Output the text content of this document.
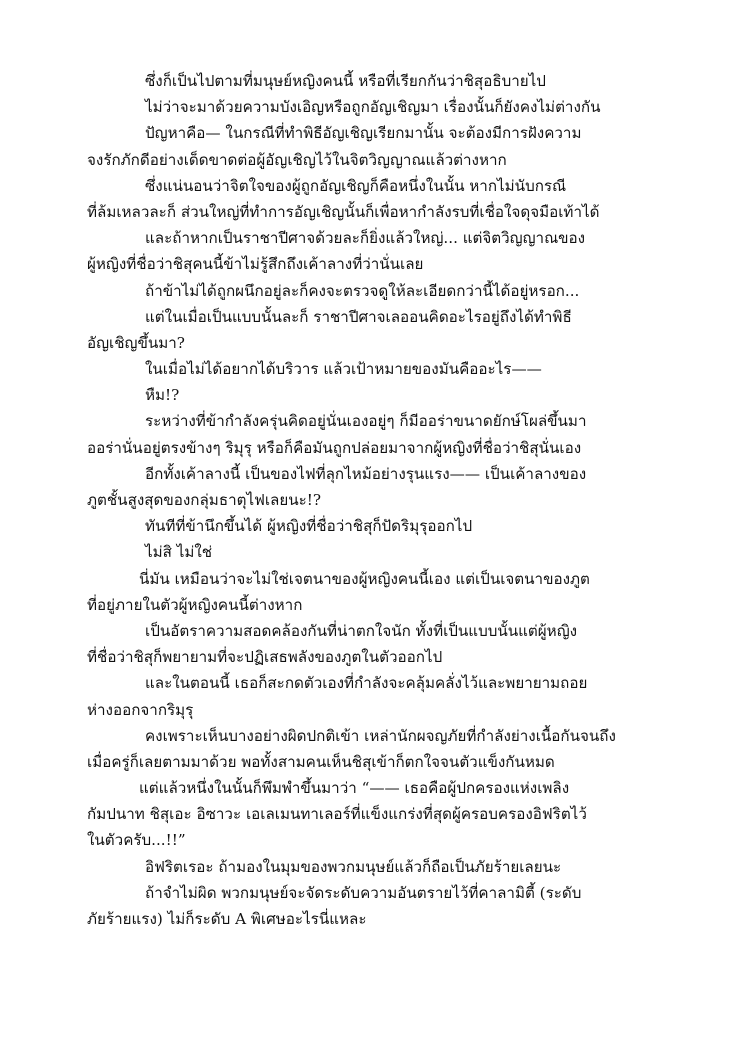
ซึ่งก็เป็นไปตามที่มนุษย์หญิงคนนี้ หรือที่เรียกกันว่าชิสุอธิบายไป
ไม่ว่าจะมาด้วยความบังเอิญหรือถูกอัญเชิญมา เรื่องนั้นก็ยังคงไม่ต่างกัน
ปัญหาคือ— ในกรณีที่ทำพิธีอัญเชิญเรียกมานั้น จะต้องมีการฝังความ
จงรักภักดีอย่างเด็ดขาดต่อผู้อัญเชิญไว้ในจิตวิญญาณแล้วต่างหาก
ซึ่งแน่นอนว่าจิตใจของผู้ถูกอัญเชิญก็คือหนึ่งในนั้น หากไม่นับกรณี
ที่ล้มเหลวละก็ ส่วนใหญ่ที่ทำการอัญเชิญนั้นก็เพื่อหากำลังรบที่เชื่อใจดุจมือเท้าได้
และถ้าหากเป็นราชาปีศาจด้วยละก็ยิ่งแล้วใหญ่... แต่จิตวิญญาณของ
ผู้หญิงที่ชื่อว่าชิสุคนนี้ข้าไม่รู้สึกถึงเค้าลางที่ว่านั่นเลย
ถ้าข้าไม่ได้ถูกผนึกอยู่ละก็คงจะตรวจดูให้ละเอียดกว่านี้ได้อยู่หรอก...
แต่ในเมื่อเป็นแบบนั้นละก็ ราชาปีศาจเลออนคิดอะไรอยู่ถึงได้ทำพิธี
อัญเชิญขึ้นมา?
ในเมื่อไม่ได้อยากได้บริวาร แล้วเป้าหมายของมันคืออะไร——
หืม!?
ระหว่างที่ข้ากำลังครุ่นคิดอยู่นั่นเองอยู่ๆ ก็มีออร่าขนาดยักษ์โผล่ขึ้นมา
ออร่านั่นอยู่ตรงข้างๆ ริมุรุ หรือก็คือมันถูกปล่อยมาจากผู้หญิงที่ชื่อว่าชิสุนั่นเอง
อีกทั้งเค้าลางนี้ เป็นของไฟที่ลุกไหม้อย่างรุนแรง—— เป็นเค้าลางของ
ภูตชั้นสูงสุดของกลุ่มธาตุไฟเลยนะ!?
ทันทีที่ข้านึกขึ้นได้ ผู้หญิงที่ชื่อว่าชิสุก็ปัดริมุรุออกไป
ไม่สิ ไม่ใช่
นี่มัน เหมือนว่าจะไม่ใช่เจตนาของผู้หญิงคนนี้เอง แต่เป็นเจตนาของภูต
ที่อยู่ภายในตัวผู้หญิงคนนี้ต่างหาก
เป็นอัตราความสอดคล้องกันที่น่าตกใจนัก ทั้งที่เป็นแบบนั้นแต่ผู้หญิง
ที่ชื่อว่าชิสุก็พยายามที่จะปฏิเสธพลังของภูตในตัวออกไป
และในตอนนี้ เธอก็สะกดตัวเองที่กำลังจะคลุ้มคลั่งไว้และพยายามถอย
ห่างออกจากริมุรุ
คงเพราะเห็นบางอย่างผิดปกติเข้า เหล่านักผจญภัยที่กำลังย่างเนื้อกันจนถึง
เมื่อครู่ก็เลยตามมาด้วย พอทั้งสามคนเห็นชิสุเข้าก็ตกใจจนตัวแข็งกันหมด
แต่แล้วหนึ่งในนั้นก็พึมพำขึ้นมาว่า “—— เธอคือผู้ปกครองแห่งเพลิง
กัมปนาท ชิสุเอะ อิซาวะ เอเลเมนทาเลอร์ที่แข็งแกร่งที่สุดผู้ครอบครองอิฟริตไว้
ในตัวครับ...!!”
อิฟริตเรอะ ถ้ามองในมุมของพวกมนุษย์แล้วก็ถือเป็นภัยร้ายเลยนะ
ถ้าจำไม่ผิด พวกมนุษย์จะจัดระดับความอันตรายไว้ที่คาลามิตี้ (ระดับ
ภัยร้ายแรง) ไม่ก็ระดับ A พิเศษอะไรนี่แหละ
